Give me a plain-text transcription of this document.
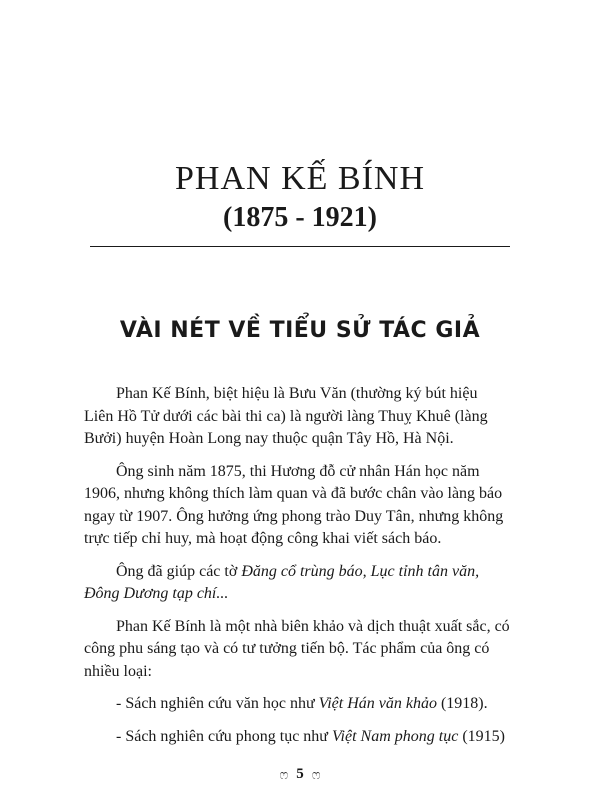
PHAN KẾ BÍNH
(1875 - 1921)
VÀI NÉT VỀ TIỂU SỬ TÁC GIẢ

Phan Kế Bính, biệt hiệu là Bưu Văn (thường ký bút hiệu Liên Hồ Tử dưới các bài thi ca) là người làng Thuỵ Khuê (làng Bưởi) huyện Hoàn Long nay thuộc quận Tây Hồ, Hà Nội.

Ông sinh năm 1875, thi Hương đỗ cử nhân Hán học năm 1906, nhưng không thích làm quan và đã bước chân vào làng báo ngay từ 1907. Ông hưởng ứng phong trào Duy Tân, nhưng không trực tiếp chỉ huy, mà hoạt động công khai viết sách báo.

Ông đã giúp các tờ Đăng cổ trùng báo, Lục tỉnh tân văn, Đông Dương tạp chí...

Phan Kế Bính là một nhà biên khảo và dịch thuật xuất sắc, có công phu sáng tạo và có tư tưởng tiến bộ. Tác phẩm của ông có nhiều loại:

- Sách nghiên cứu văn học như Việt Hán văn khảo (1918).

- Sách nghiên cứu phong tục như Việt Nam phong tục (1915)

ෆ 5 ෆ
